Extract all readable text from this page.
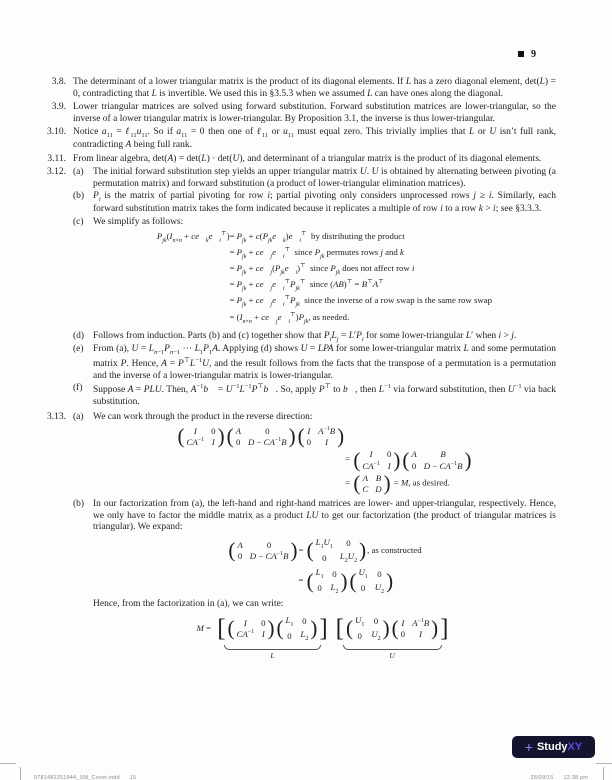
9
3.8. The determinant of a lower triangular matrix is the product of its diagonal elements. If L has a zero diagonal element, det(L) = 0, contradicting that L is invertible. We used this in §3.5.3 when we assumed L can have ones along the diagonal.
3.9. Lower triangular matrices are solved using forward substitution. Forward substitution matrices are lower-triangular, so the inverse of a lower triangular matrix is lower-triangular. By Proposition 3.1, the inverse is thus lower-triangular.
3.10. Notice $a_{11}$ = $\ell_{11}u_{11}$. So if $a_{11} = 0$ then one of ℓ$_{11}$ or $u_{11}$ must equal zero. This trivially implies that L or U isn’t full rank, contradicting A being full rank.
3.11. From linear algebra, det(A) = det(L) · det(U), and determinant of a triangular matrix is the product of its diagonal elements.
3.12. (a) The initial forward substitution step yields an upper triangular matrix U. U is obtained by alternating between pivoting (a permutation matrix) and forward substitution (a product of lower-triangular elimination matrices).
(b) $P_i$ is the matrix of partial pivoting for row i; partial pivoting only considers unprocessed rows j ≥ i. Similarly, each forward substitution matrix takes the form indicated because it replicates a multiple of row i to a row k > i; see §3.3.3.
(c) We simplify as follows:
$P_{jk}(I_{n\times n}$ + $ce⃗_ke⃗_i^⊤) = P_{jk}$ + $c(P_{jk}e⃗_k)e⃗_i^⊤$  by distributing the product
= $P_{jk}$ + $ce⃗_je⃗_i^⊤$  since $P_{jk}$ permutes rows j and k
= $P_{jk}$ + $ce⃗_j(P_{jk}e⃗_i)^⊤$  since $P_{jk}$ does not affect row i
= $P_{jk}$ + $ce⃗_je⃗_i^⊤P_{jk}^⊤$  since (AB)⊤ = B⊤A⊤
= $P_{jk}$ + $ce⃗_je⃗_i^⊤P_{jk}$  since the inverse of a row swap is the same row swap
= ($I_{n\times n}$ + $ce⃗_je⃗_i^⊤)P_{jk}$, as needed.
(d) Follows from induction. Parts (b) and (c) together show that $P_iL_j = L'P_i$ for some lower-triangular L′ when i > j.
(e) From (a), $U = L_{n-1}P_{n-1}$ ⋯ $L_1P_1A$. Applying (d) shows U = LPA for some lower-triangular matrix L and some permutation matrix P. Hence, $A = P^⊤L^{-1}U$, and the result follows from the facts that the transpose of a permutation is a permutation and the inverse of a lower-triangular matrix is lower-triangular.
(f)	Suppose A = PLU. Then, $A^{-1}b⃗$ = $U^{-1}L^{-1}P^⊤b⃗$. So, apply P⊤ to b⃗, then $L^{-1}$ via forward substitution, then $U^{-1}$ via back substitution.
3.13. (a) We can work through the product in the reverse direction:
( I 0
$CA^{-1}$ I ) ( A	0
0 $D - CA^{-1}B$ ) ( I $A^{-1}B$
0 I )
= ( I 0
$CA^{-1}$ I ) ( A	B
0 $D - CA^{-1}B$ )
= ( A B
C D ) = M, as desired.
(b) In our factorization from (a), the left-hand and right-hand matrices are lower- and upper-triangular, respectively. Hence, we only have to factor the middle matrix as a product LU to get our factorization (the product of triangular matrices is triangular). We expand:
( A	0
0 $D - CA^{-1}B$ ) = ( $L_1U_1$ 0
0 $L_2U_2$ ) , as constructed
= ( $L_1$ 0
0 $L_2$ ) ( $U_1$ 0
0 $U_2$ )
Hence, from the factorization in (a), we can write:
M = [ ( I 0
$CA^{-1}$ I ) ( $L_1$ 0
0 $L_2$ ) ]
L
[ ( $U_1$ 0
0 $U_2$ ) ( I $A^{-1}B$
0 I ) ]
U
+ Study XY

9781482251944_SM_Cover.indd 15
	28/09/15 12:38 pm
